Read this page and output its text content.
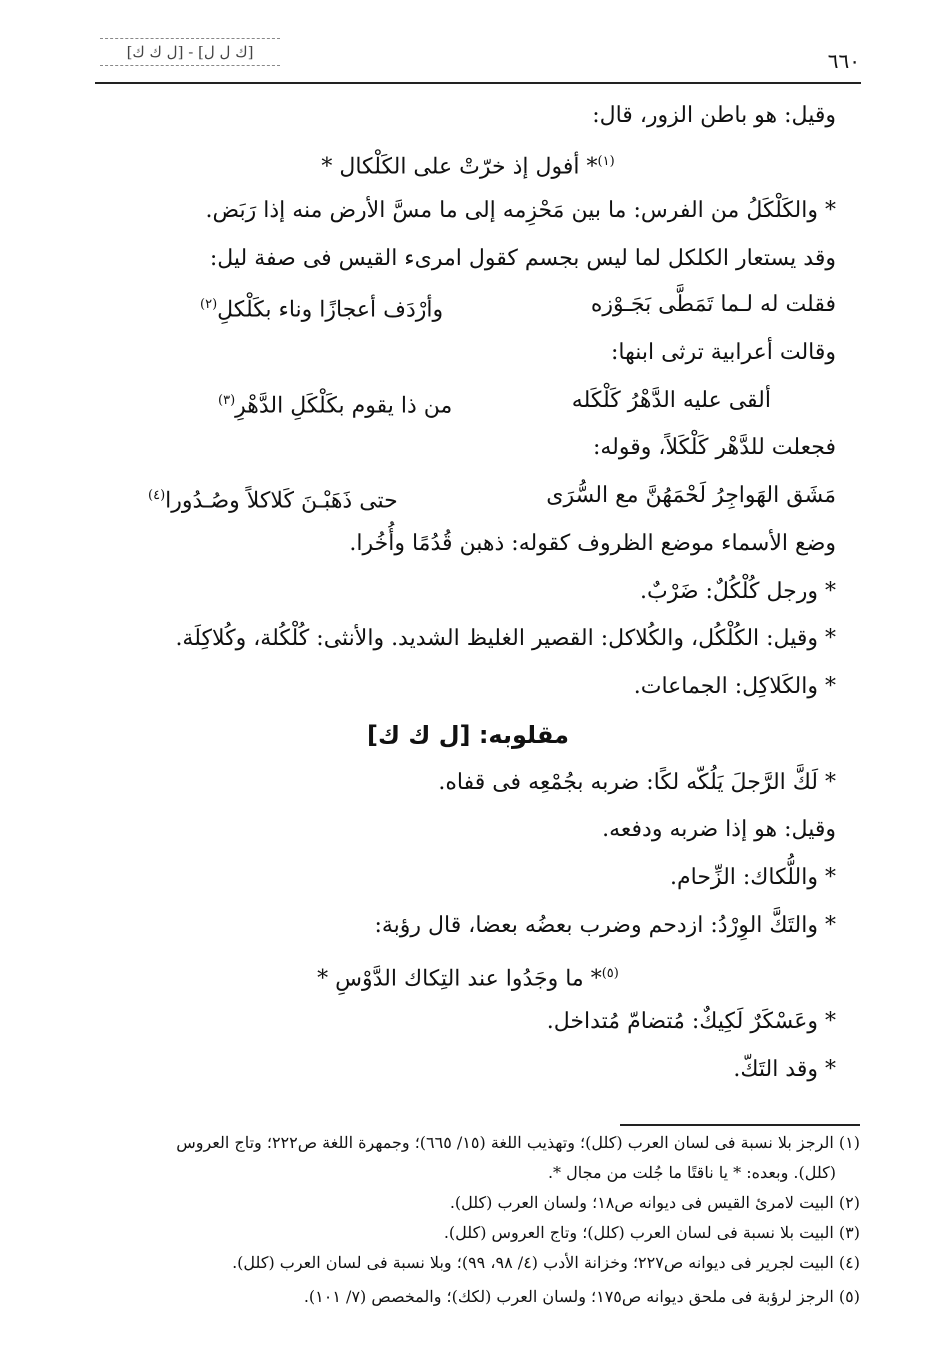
[ك ل ل] - [ل ك ك]	٦٦٠
وقيل: هو باطن الزور، قال:
$^{(١)}$* أفول إذ خرّتْ على الكَلْكال *
* والكَلْكَلُ من الفرس: ما بين مَحْزِمه إلى ما مسَّ الأرض منه إذا رَبَض.
وقد يستعار الكلكل لما ليس بجسم كقول امرىء القيس فى صفة ليل:
فقلت له لـما تَمَطَّى بَجَـوْزه
وأرْدَف أعجازًا وناء بكَلْكلِ$^{(٢)}$
وقالت أعرابية ترثى ابنها:
ألقى عليه الدَّهْرُ كَلْكَله
من ذا يقوم بكَلْكَلِ الدَّهْرِ$^{(٣)}$
فجعلت للدَّهْر كَلْكَلاً، وقوله:
مَشَق الهَواجِرُ لَحْمَهُنَّ مع السُّرَى
حتى ذَهَبْـنَ كَلاكلاً وصُـدُورا$^{(٤)}$
وضع الأسماء موضع الظروف كقوله: ذهبن قُدُمًا وأُخُرا.
* ورجل كُلْكُلٌ: ضَرْبٌ.
* وقيل: الكُلْكُل، والكُلاكل: القصير الغليظ الشديد. والأنثى: كُلْكُلة، وكُلاكِلَة.
* والكَلاكِل: الجماعات.
مقلوبه: [ل ك ك]
* لَكَّ الرَّجلَ يَلُكّه لكًا: ضربه بجُمْعِه فى قفاه.
وقيل: هو إذا ضربه ودفعه.
* واللُّكاك: الزِّحام.
* والتَكَّ الوِرْدُ: ازدحم وضرب بعضُه بعضا، قال رؤبة:
$^{(٥)}$* ما وجَدُوا عند التِكاك الدَّوْسِ *
* وعَسْكَرٌ لَكِيكٌ: مُتضامّ مُتداخل.
* وقد التَكّ.
(١) الرجز بلا نسبة فى لسان العرب (كلل)؛ وتهذيب اللغة (١٥/ ٦٦٥)؛ وجمهرة اللغة ص٢٢٢؛ وتاج العروس
(كلل). وبعده: * يا ناقتًا ما جُلت من مجال *.
(٢) البيت لامرئ القيس فى ديوانه ص١٨؛ ولسان العرب (كلل).
(٣) البيت بلا نسبة فى لسان العرب (كلل)؛ وتاج العروس (كلل).
(٤) البيت لجرير فى ديوانه ص٢٢٧؛ وخزانة الأدب (٤/ ٩٨، ٩٩)؛ وبلا نسبة فى لسان العرب (كلل).
(٥) الرجز لرؤبة فى ملحق ديوانه ص١٧٥؛ ولسان العرب (لكك)؛ والمخصص (٧/ ١٠١).
